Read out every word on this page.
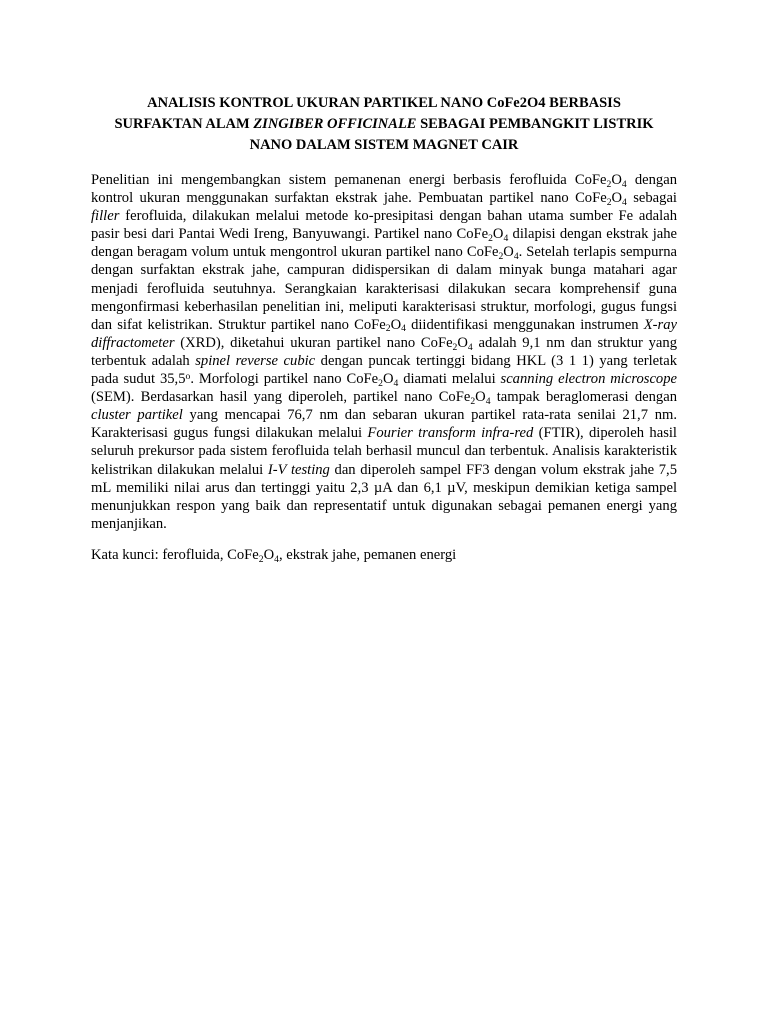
ANALISIS KONTROL UKURAN PARTIKEL NANO CoFe2O4 BERBASIS
SURFAKTAN ALAM ZINGIBER OFFICINALE SEBAGAI PEMBANGKIT LISTRIK
NANO DALAM SISTEM MAGNET CAIR

Penelitian ini mengembangkan sistem pemanenan energi berbasis ferofluida $CoFe_2O_4$ dengan kontrol ukuran menggunakan surfaktan ekstrak jahe. Pembuatan partikel nano $CoFe_2O_4$ sebagai filler ferofluida, dilakukan melalui metode ko-presipitasi dengan bahan utama sumber Fe adalah pasir besi dari Pantai Wedi Ireng, Banyuwangi. Partikel nano $CoFe_2O_4$ dilapisi dengan ekstrak jahe dengan beragam volum untuk mengontrol ukuran partikel nano $CoFe_2O_4$. Setelah terlapis sempurna dengan surfaktan ekstrak jahe, campuran didispersikan di dalam minyak bunga matahari agar menjadi ferofluida seutuhnya. Serangkaian karakterisasi dilakukan secara komprehensif guna mengonfirmasi keberhasilan penelitian ini, meliputi karakterisasi struktur, morfologi, gugus fungsi dan sifat kelistrikan. Struktur partikel nano $CoFe_2O_4$ diidentifikasi menggunakan instrumen X-ray diffractometer (XRD), diketahui ukuran partikel nano $CoFe_2O_4$ adalah 9,1 nm dan struktur yang terbentuk adalah spinel reverse cubic dengan puncak tertinggi bidang HKL (3 1 1) yang terletak pada sudut 35,5$^o$. Morfologi partikel nano $CoFe_2O_4$ diamati melalui scanning electron microscope (SEM). Berdasarkan hasil yang diperoleh, partikel nano $CoFe_2O_4$ tampak beraglomerasi dengan cluster partikel yang mencapai 76,7 nm dan sebaran ukuran partikel rata-rata senilai 21,7 nm. Karakterisasi gugus fungsi dilakukan melalui Fourier transform infra-red (FTIR), diperoleh hasil seluruh prekursor pada sistem ferofluida telah berhasil muncul dan terbentuk. Analisis karakteristik kelistrikan dilakukan melalui I-V testing dan diperoleh sampel FF3 dengan volum ekstrak jahe 7,5 mL memiliki nilai arus dan tertinggi yaitu 2,3 µA dan 6,1 µV, meskipun demikian ketiga sampel menunjukkan respon yang baik dan representatif untuk digunakan sebagai pemanen energi yang menjanjikan.

Kata kunci: ferofluida, $CoFe_2O_4$, ekstrak jahe, pemanen energi
